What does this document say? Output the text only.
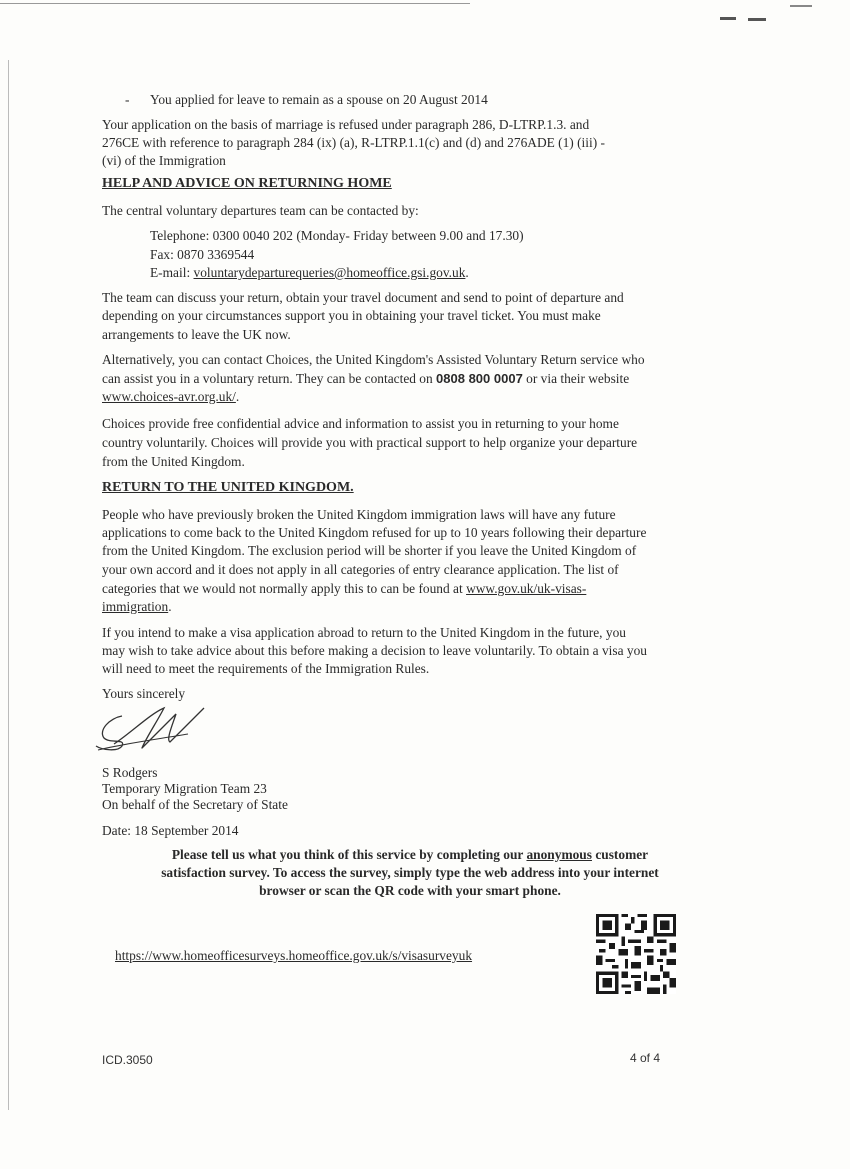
- You applied for leave to remain as a spouse on 20 August 2014

Your application on the basis of marriage is refused under paragraph 286, D-LTRP.1.3. and

276CE with reference to paragraph 284 (ix) (a), R-LTRP.1.1(c) and (d) and 276ADE (1) (iii) -

(vi) of the Immigration

HELP AND ADVICE ON RETURNING HOME

The central voluntary departures team can be contacted by:

Telephone: 0300 0040 202 (Monday- Friday between 9.00 and 17.30)
Fax: 0870 3369544
E-mail: voluntarydeparturequeries@homeoffice.gsi.gov.uk.

The team can discuss your return, obtain your travel document and send to point of departure and

depending on your circumstances support you in obtaining your travel ticket. You must make

arrangements to leave the UK now.

Alternatively, you can contact Choices, the United Kingdom's Assisted Voluntary Return service who

can assist you in a voluntary return. They can be contacted on 0808 800 0007 or via their website

www.choices-avr.org.uk/.

Choices provide free confidential advice and information to assist you in returning to your home

country voluntarily. Choices will provide you with practical support to help organize your departure

from the United Kingdom.

RETURN TO THE UNITED KINGDOM.

People who have previously broken the United Kingdom immigration laws will have any future

applications to come back to the United Kingdom refused for up to 10 years following their departure

from the United Kingdom. The exclusion period will be shorter if you leave the United Kingdom of

your own accord and it does not apply in all categories of entry clearance application. The list of

categories that we would not normally apply this to can be found at www.gov.uk/uk-visas-

immigration.

If you intend to make a visa application abroad to return to the United Kingdom in the future, you

may wish to take advice about this before making a decision to leave voluntarily. To obtain a visa you

will need to meet the requirements of the Immigration Rules.

Yours sincerely

S Rodgers

Temporary Migration Team 23

On behalf of the Secretary of State

Date: 18 September 2014

Please tell us what you think of this service by completing our anonymous customer
satisfaction survey. To access the survey, simply type the web address into your internet
browser or scan the QR code with your smart phone.

https://www.homeofficesurveys.homeoffice.gov.uk/s/visasurveyuk

ICD.3050	4 of 4
